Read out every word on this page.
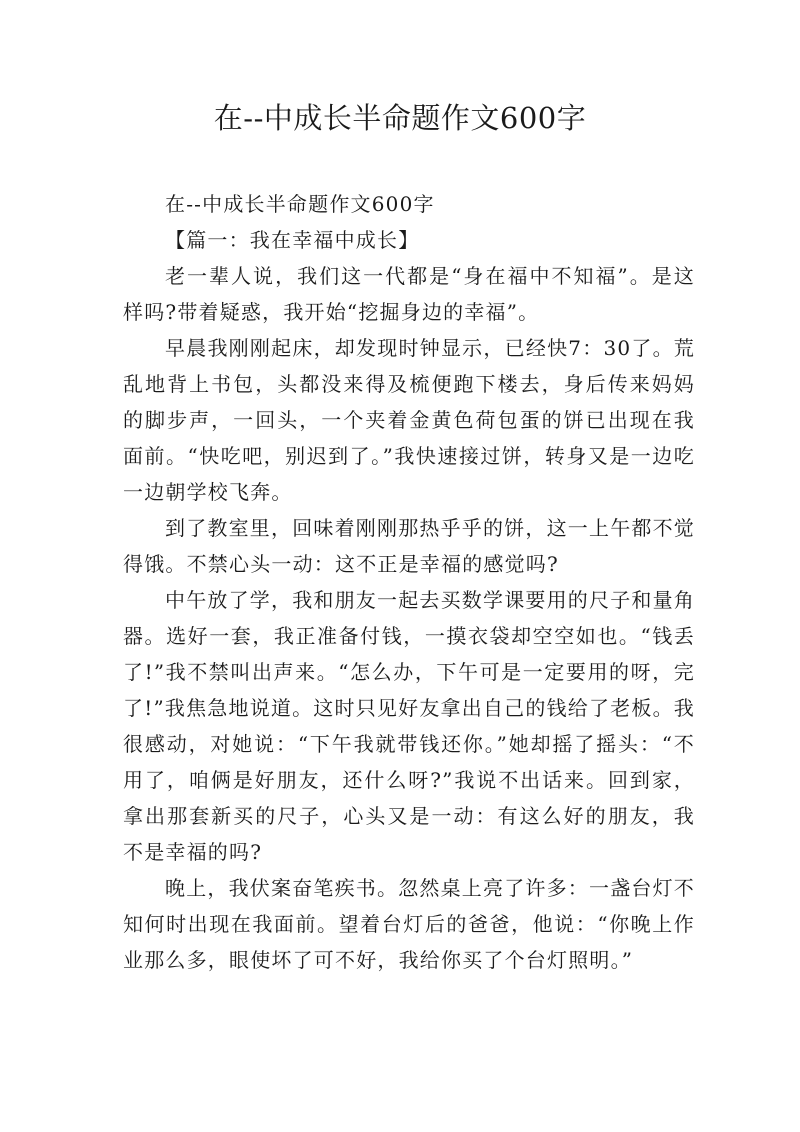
在--中成长半命题作文600字

在--中成长半命题作文600字

【篇一：我在幸福中成长】

老一辈人说，我们这一代都是“身在福中不知福”。是这样吗?带着疑惑，我开始“挖掘身边的幸福”。

早晨我刚刚起床，却发现时钟显示，已经快7：30了。荒乱地背上书包，头都没来得及梳便跑下楼去，身后传来妈妈的脚步声，一回头，一个夹着金黄色荷包蛋的饼已出现在我面前。“快吃吧，别迟到了。”我快速接过饼，转身又是一边吃一边朝学校飞奔。

到了教室里，回味着刚刚那热乎乎的饼，这一上午都不觉得饿。不禁心头一动：这不正是幸福的感觉吗?

中午放了学，我和朋友一起去买数学课要用的尺子和量角器。选好一套，我正准备付钱，一摸衣袋却空空如也。“钱丢了!”我不禁叫出声来。“怎么办，下午可是一定要用的呀，完了!”我焦急地说道。这时只见好友拿出自己的钱给了老板。我很感动，对她说：“下午我就带钱还你。”她却摇了摇头：“不用了，咱俩是好朋友，还什么呀?”我说不出话来。回到家，拿出那套新买的尺子，心头又是一动：有这么好的朋友，我不是幸福的吗?

晚上，我伏案奋笔疾书。忽然桌上亮了许多：一盏台灯不知何时出现在我面前。望着台灯后的爸爸，他说：“你晚上作业那么多，眼使坏了可不好，我给你买了个台灯照明。”
